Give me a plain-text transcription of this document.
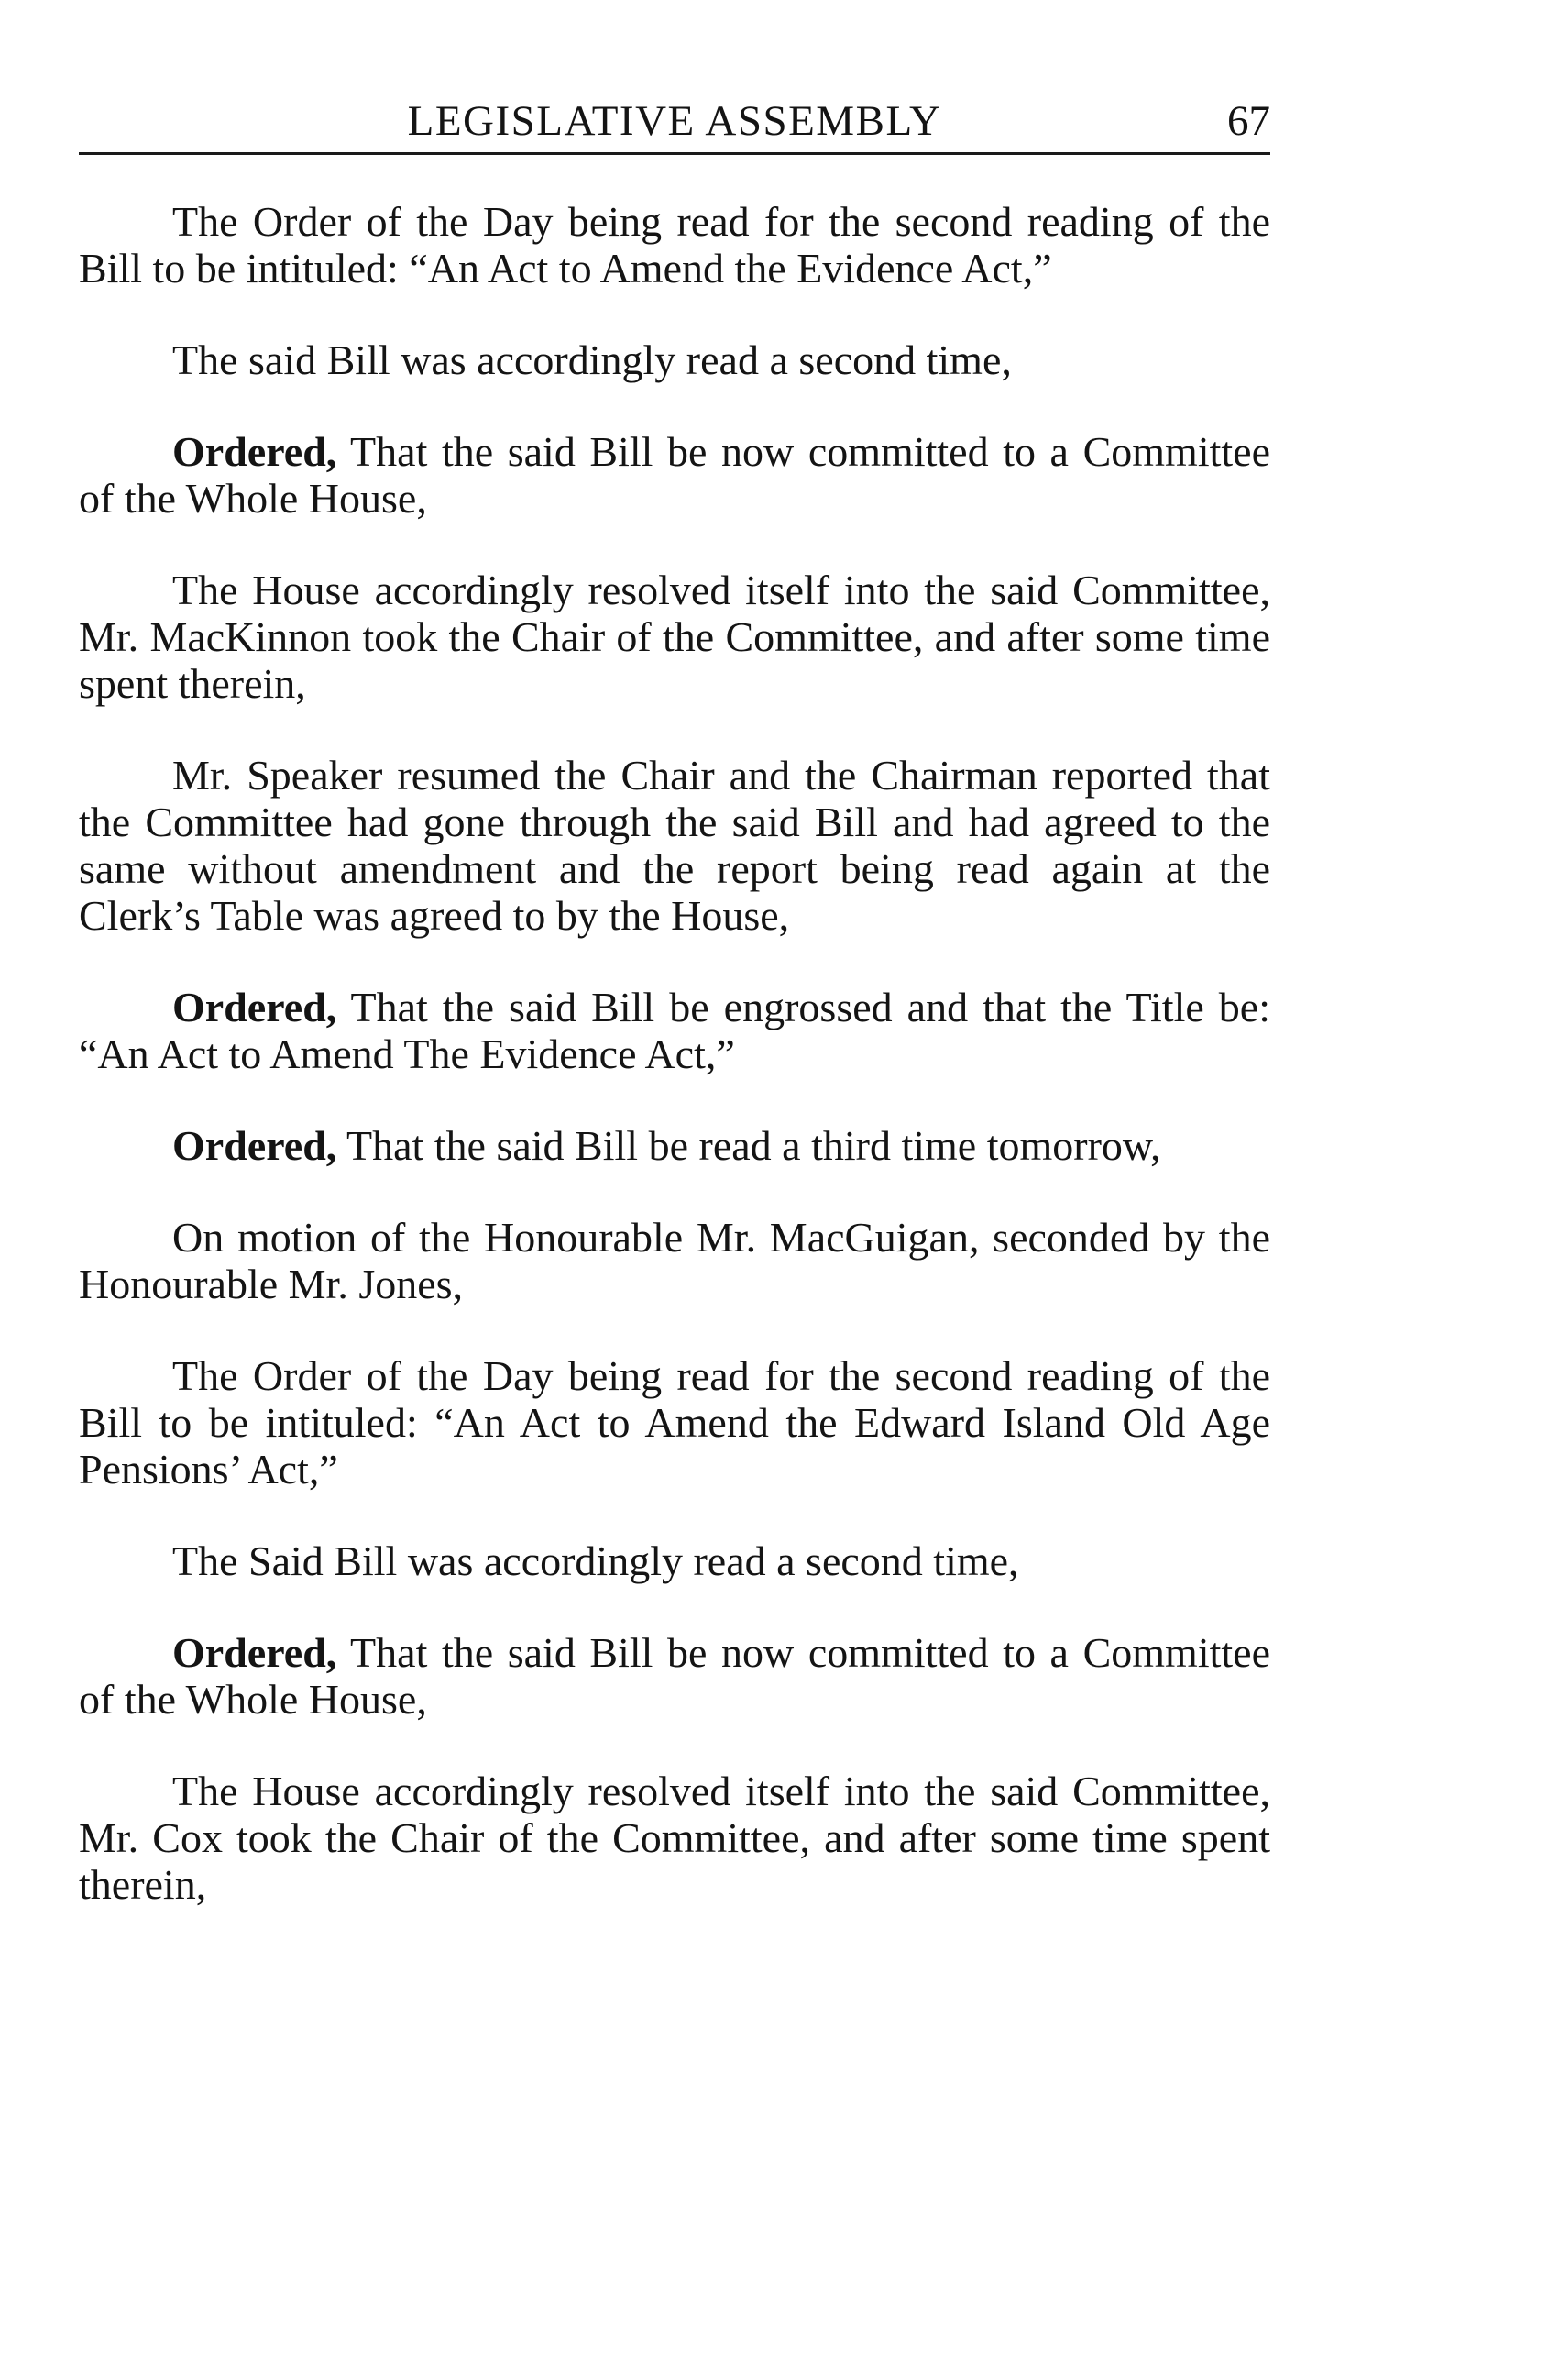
LEGISLATIVE ASSEMBLY	67

The Order of the Day being read for the second reading of the Bill to be intituled: “An Act to Amend the Evidence Act,”

The said Bill was accordingly read a second time,

Ordered, That the said Bill be now committed to a Committee of the Whole House,

The House accordingly resolved itself into the said Committee, Mr. MacKinnon took the Chair of the Committee, and after some time spent therein,

Mr. Speaker resumed the Chair and the Chairman reported that the Committee had gone through the said Bill and had agreed to the same without amendment and the report being read again at the Clerk’s Table was agreed to by the House,

Ordered, That the said Bill be engrossed and that the Title be: “An Act to Amend The Evidence Act,”

Ordered, That the said Bill be read a third time tomorrow,

On motion of the Honourable Mr. MacGuigan, seconded by the Honourable Mr. Jones,

The Order of the Day being read for the second reading of the Bill to be intituled: “An Act to Amend the Edward Island Old Age Pensions’ Act,”

The Said Bill was accordingly read a second time,

Ordered, That the said Bill be now committed to a Committee of the Whole House,

The House accordingly resolved itself into the said Committee, Mr. Cox took the Chair of the Committee, and after some time spent therein,
